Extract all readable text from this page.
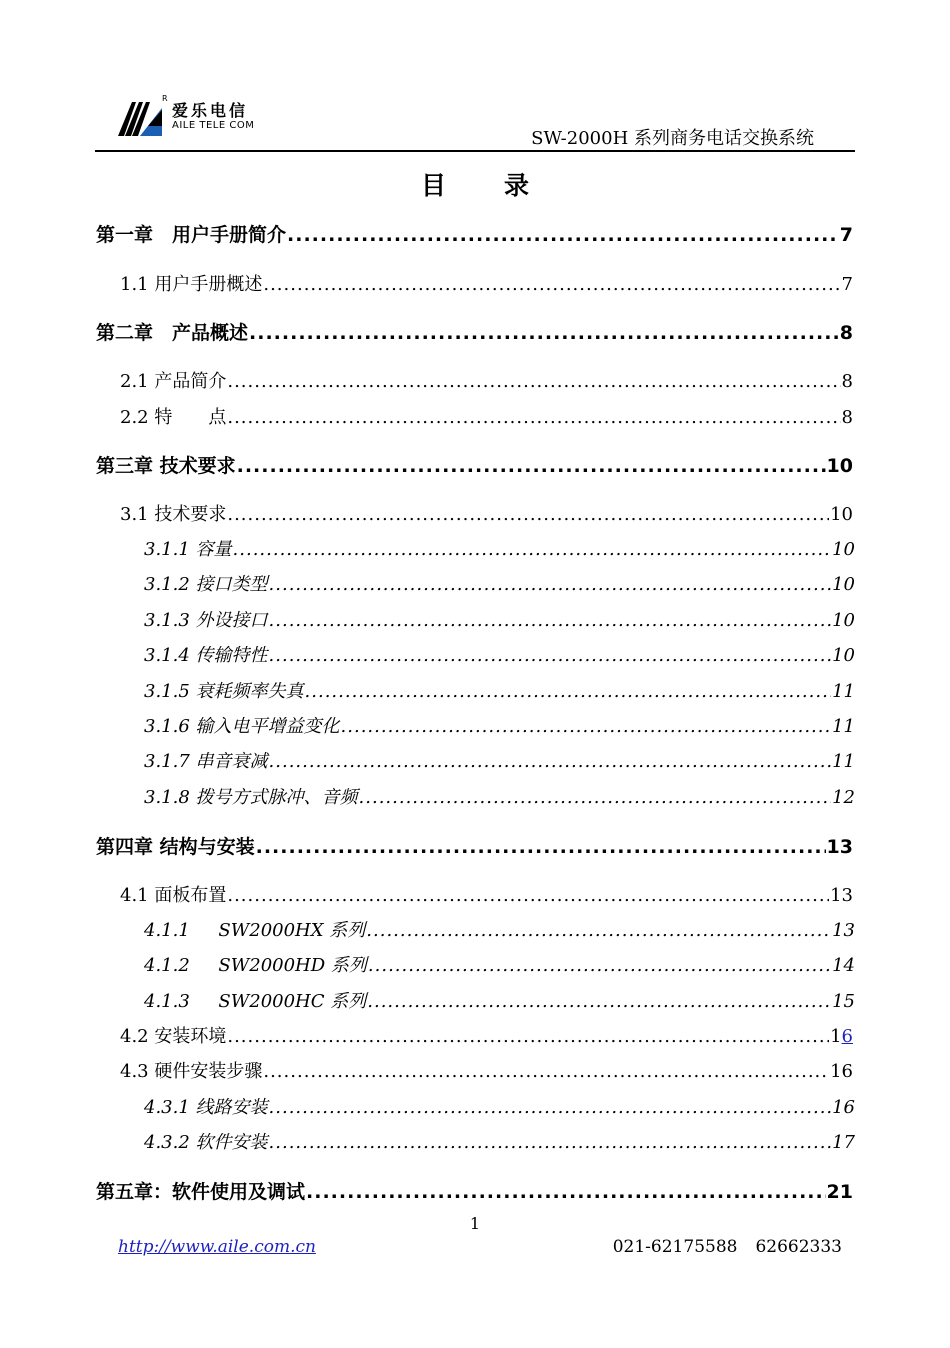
R
爱乐电信
AILE TELE COM
SW-2000H 系列商务电话交换系统
目录
第一章　用户手册简介 .....	7
1.1 用户手册概述 .....	7
第二章　产品概述 .....	8
2.1 产品简介 .....	8
2.2 特　　点 .....	8
第三章 技术要求 .....	10
3.1 技术要求 .....	10
3.1.1 容量 .....	10
3.1.2 接口类型 .....	10
3.1.3 外设接口 .....	10
3.1.4 传输特性 .....	10
3.1.5 衰耗频率失真 .....	11
3.1.6 输入电平增益变化 .....	11
3.1.7 串音衰减 .....	11
3.1.8 拨号方式脉冲、音频 .....	12
第四章 结构与安装 .....	13
4.1 面板布置 .....	13
4.1.1     SW2000HX 系列 .....	13
4.1.2     SW2000HD 系列 .....	14
4.1.3     SW2000HC 系列 .....	15
4.2 安装环境 .....	16
4.3 硬件安装步骤 .....	16
4.3.1 线路安装 .....	16
4.3.2 软件安装 .....	17
第五章：软件使用及调试 .....	21
1
http://www.aile.com.cn	021-62175588 62662333
